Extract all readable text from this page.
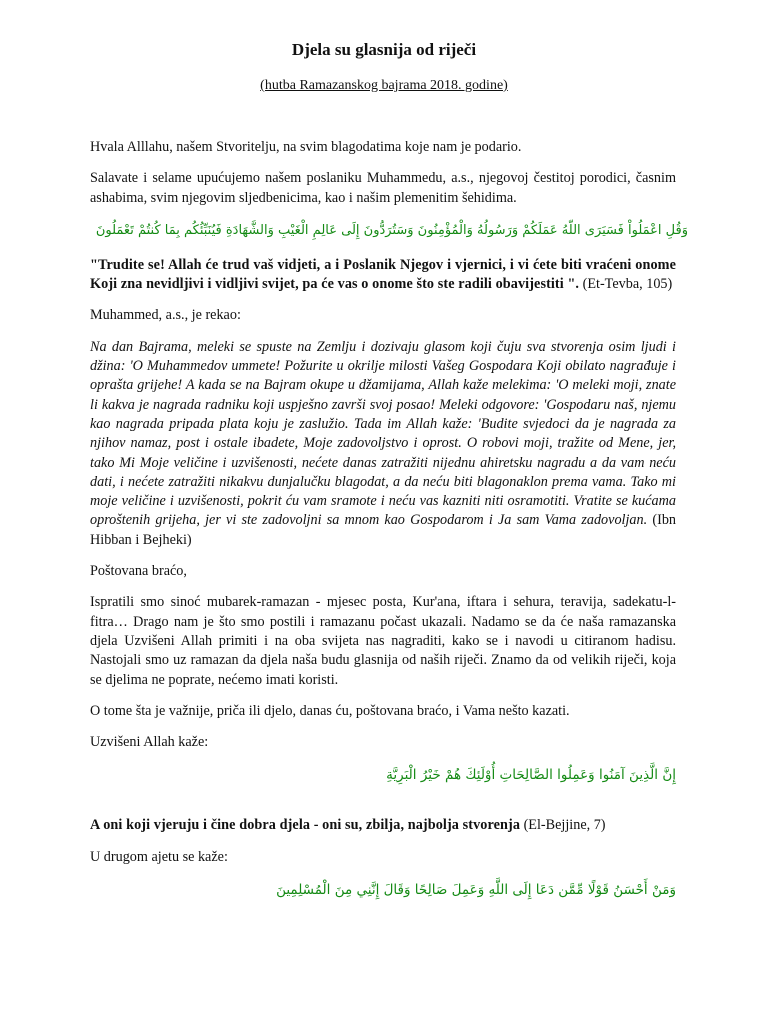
Djela su glasnija od riječi
(hutba Ramazanskog bajrama 2018. godine)

Hvala Alllahu, našem Stvoritelju, na svim blagodatima koje nam je podario.

Salavate i selame upućujemo našem poslaniku Muhammedu, a.s., njegovoj čestitoj porodici, časnim ashabima, svim njegovim sljedbenicima, kao i našim plemenitim šehidima.

وَقُلِ اعْمَلُواْ فَسَيَرَى اللّهُ عَمَلَكُمْ وَرَسُولُهُ وَالْمُؤْمِنُونَ وَسَتُرَدُّونَ إِلَى عَالِمِ الْغَيْبِ وَالشَّهَادَةِ فَيُنَبِّئُكُم بِمَا كُنتُمْ تَعْمَلُونَ

"Trudite se! Allah će trud vaš vidjeti, a i Poslanik Njegov i vjernici, i vi ćete biti vraćeni onome Koji zna nevidljivi i vidljivi svijet, pa će vas o onome što ste radili obavijestiti ". (Et-Tevba, 105)

Muhammed, a.s., je rekao:

Na dan Bajrama, meleki se spuste na Zemlju i dozivaju glasom koji čuju sva stvorenja osim ljudi i džina: 'O Muhammedov ummete! Požurite u okrilje milosti Vašeg Gospodara Koji obilato nagrađuje i oprašta grijehe! A kada se na Bajram okupe u džamijama, Allah kaže melekima: 'O meleki moji, znate li kakva je nagrada radniku koji uspješno završi svoj posao! Meleki odgovore: 'Gospodaru naš, njemu kao nagrada pripada plata koju je zaslužio. Tada im Allah kaže: 'Budite svjedoci da je nagrada za njihov namaz, post i ostale ibadete, Moje zadovoljstvo i oprost. O robovi moji, tražite od Mene, jer, tako Mi Moje veličine i uzvišenosti, nećete danas zatražiti nijednu ahiretsku nagradu a da vam neću dati, i nećete zatražiti nikakvu dunjalučku blagodat, a da neću biti blagonaklon prema vama. Tako mi moje veličine i uzvišenosti, pokrit ću vam sramote i neću vas kazniti niti osramotiti. Vratite se kućama oproštenih grijeha, jer vi ste zadovoljni sa mnom kao Gospodarom i Ja sam Vama zadovoljan. (Ibn Hibban i Bejheki)

Poštovana braćo,

Ispratili smo sinoć mubarek-ramazan - mjesec posta, Kur'ana, iftara i sehura, teravija, sadekatu-l-fitra… Drago nam je što smo postili i ramazanu počast ukazali. Nadamo se da će naša ramazanska djela Uzvišeni Allah primiti i na oba svijeta nas nagraditi, kako se i navodi u citiranom hadisu. Nastojali smo uz ramazan da djela naša budu glasnija od naših riječi. Znamo da od velikih riječi, koja se djelima ne poprate, nećemo imati koristi.

O tome šta je važnije, priča ili djelo, danas ću, poštovana braćo, i Vama nešto kazati.

Uzvišeni Allah kaže:

إِنَّ الَّذِينَ آمَنُوا وَعَمِلُوا الصَّالِحَاتِ أُوْلَئِكَ هُمْ خَيْرُ الْبَرِيَّةِ

A oni koji vjeruju i čine dobra djela - oni su, zbilja, najbolja stvorenja (El-Bejjine, 7)

U drugom ajetu se kaže:

وَمَنْ أَحْسَنُ قَوْلًا مِّمَّن دَعَا إِلَى اللَّهِ وَعَمِلَ صَالِحًا وَقَالَ إِنَّنِي مِنَ الْمُسْلِمِينَ
